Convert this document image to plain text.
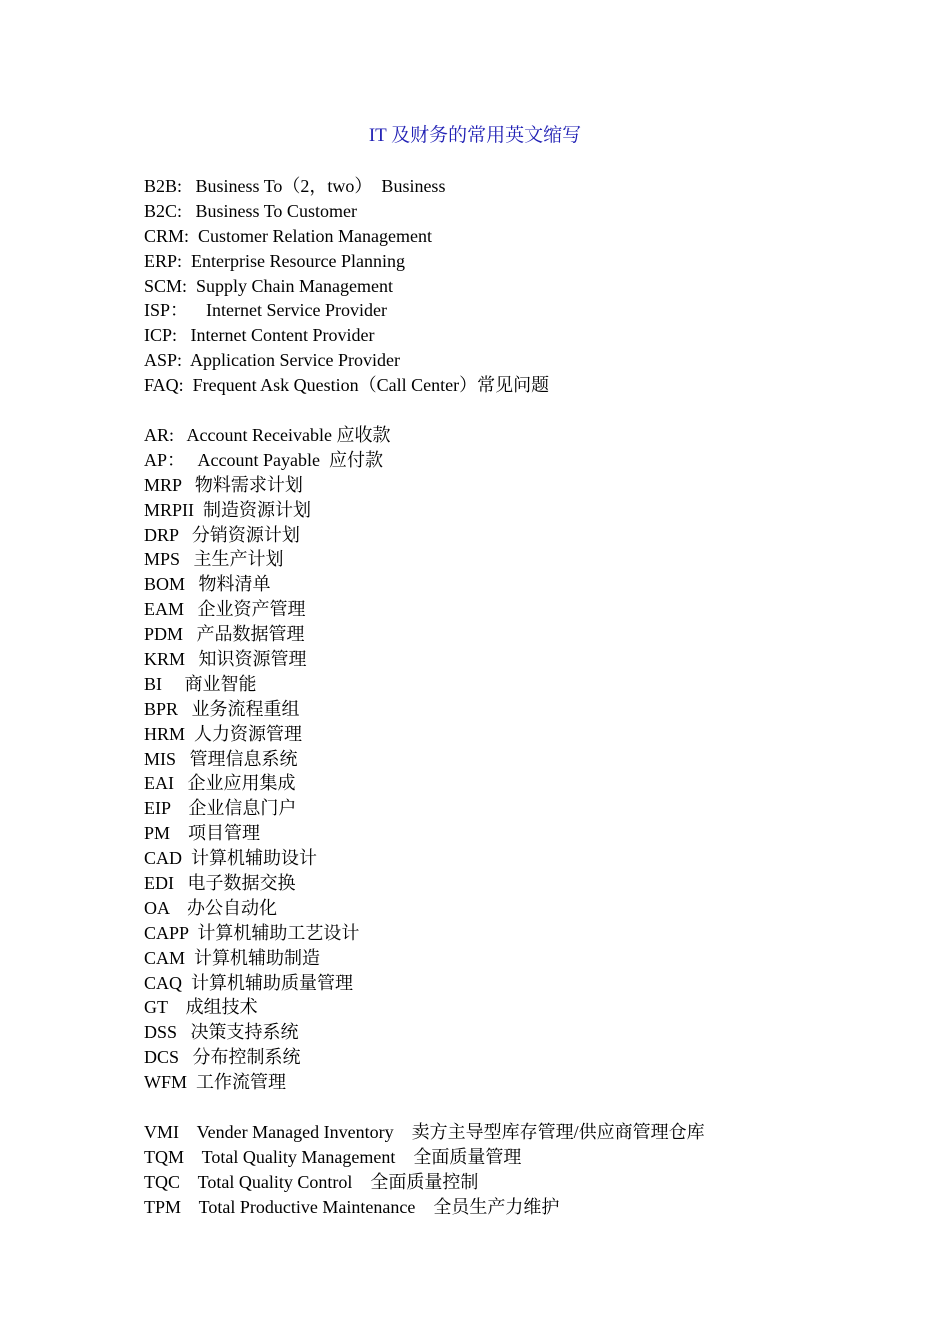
IT 及财务的常用英文缩写
B2B:   Business To（2，two）  Business
B2C:   Business To Customer
CRM:  Customer Relation Management
ERP:  Enterprise Resource Planning
SCM:  Supply Chain Management
ISP：    Internet Service Provider
ICP:   Internet Content Provider
ASP:  Application Service Provider
FAQ:  Frequent Ask Question（Call Center）常见问题
AR:   Account Receivable 应收款
AP：   Account Payable  应付款
MRP   物料需求计划
MRPII  制造资源计划
DRP   分销资源计划
MPS   主生产计划
BOM   物料清单
EAM   企业资产管理
PDM   产品数据管理
KRM   知识资源管理
BI     商业智能
BPR   业务流程重组
HRM  人力资源管理
MIS   管理信息系统
EAI   企业应用集成
EIP    企业信息门户
PM    项目管理
CAD  计算机辅助设计
EDI   电子数据交换
OA    办公自动化
CAPP  计算机辅助工艺设计
CAM  计算机辅助制造
CAQ  计算机辅助质量管理
GT    成组技术
DSS   决策支持系统
DCS   分布控制系统
WFM  工作流管理
VMI    Vender Managed Inventory    卖方主导型库存管理/供应商管理仓库
TQM    Total Quality Management    全面质量管理
TQC    Total Quality Control    全面质量控制
TPM    Total Productive Maintenance    全员生产力维护
